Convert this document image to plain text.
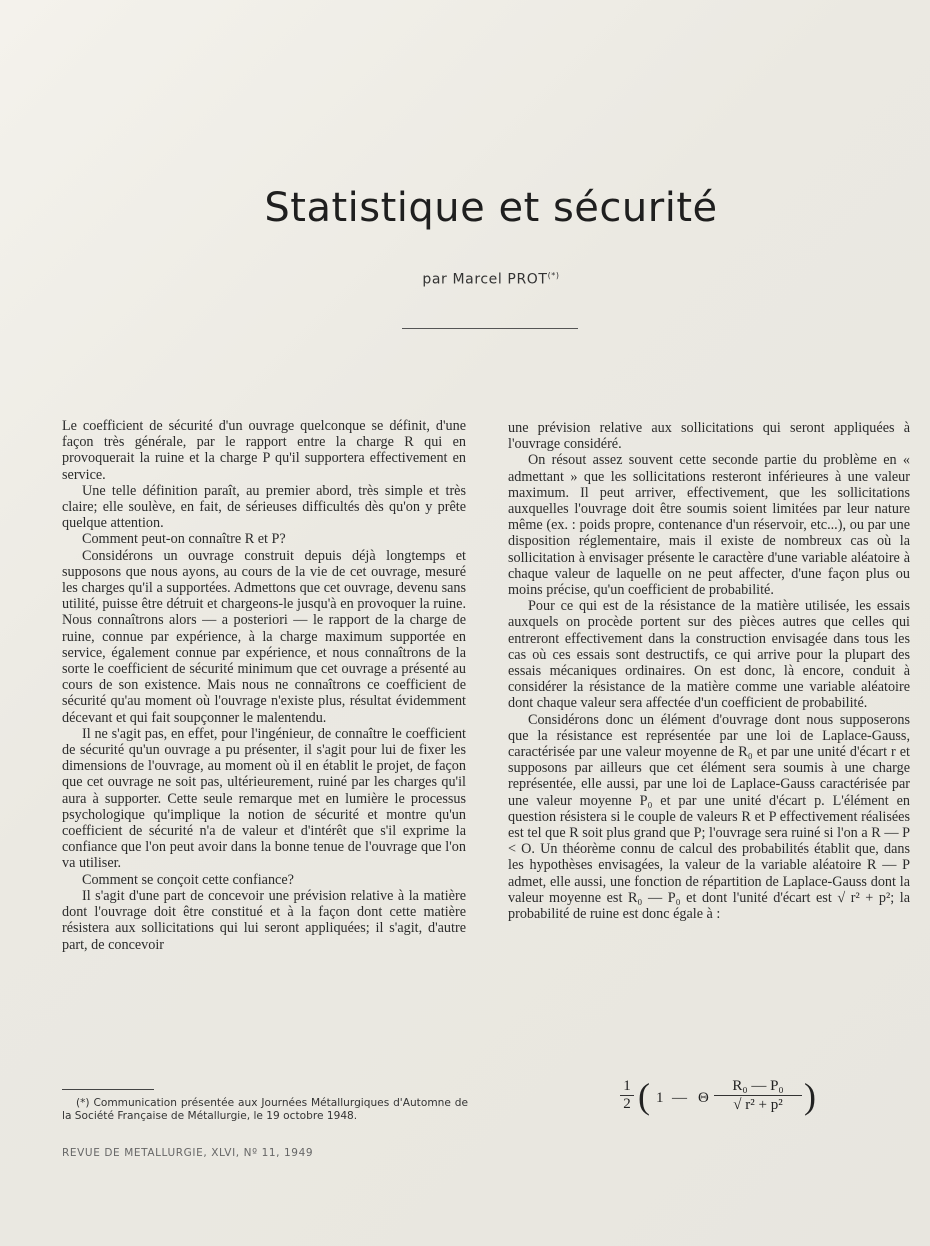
Statistique et sécurité
par Marcel PROT(*)

Le coefficient de sécurité d'un ouvrage quelconque se définit, d'une façon très générale, par le rapport entre la charge R qui en provoquerait la ruine et la charge P qu'il supportera effectivement en service.

Une telle définition paraît, au premier abord, très simple et très claire; elle soulève, en fait, de sérieuses difficultés dès qu'on y prête quelque attention.

Comment peut-on connaître R et P?

Considérons un ouvrage construit depuis déjà longtemps et supposons que nous ayons, au cours de la vie de cet ouvrage, mesuré les charges qu'il a supportées. Admettons que cet ouvrage, devenu sans utilité, puisse être détruit et chargeons-le jusqu'à en provoquer la ruine. Nous connaîtrons alors — a posteriori — le rapport de la charge de ruine, connue par expérience, à la charge maximum supportée en service, également connue par expérience, et nous connaîtrons de la sorte le coefficient de sécurité minimum que cet ouvrage a présenté au cours de son existence. Mais nous ne connaîtrons ce coefficient de sécurité qu'au moment où l'ouvrage n'existe plus, résultat évidemment décevant et qui fait soupçonner le malentendu.

Il ne s'agit pas, en effet, pour l'ingénieur, de connaître le coefficient de sécurité qu'un ouvrage a pu présenter, il s'agit pour lui de fixer les dimensions de l'ouvrage, au moment où il en établit le projet, de façon que cet ouvrage ne soit pas, ultérieurement, ruiné par les charges qu'il aura à supporter. Cette seule remarque met en lumière le processus psychologique qu'implique la notion de sécurité et montre qu'un coefficient de sécurité n'a de valeur et d'intérêt que s'il exprime la confiance que l'on peut avoir dans la bonne tenue de l'ouvrage que l'on va utiliser.

Comment se conçoit cette confiance?

Il s'agit d'une part de concevoir une prévision relative à la matière dont l'ouvrage doit être constitué et à la façon dont cette matière résistera aux sollicitations qui lui seront appliquées; il s'agit, d'autre part, de concevoir

une prévision relative aux sollicitations qui seront appliquées à l'ouvrage considéré.

On résout assez souvent cette seconde partie du problème en « admettant » que les sollicitations resteront inférieures à une valeur maximum. Il peut arriver, effectivement, que les sollicitations auxquelles l'ouvrage doit être soumis soient limitées par leur nature même (ex. : poids propre, contenance d'un réservoir, etc...), ou par une disposition réglementaire, mais il existe de nombreux cas où la sollicitation à envisager présente le caractère d'une variable aléatoire à chaque valeur de laquelle on ne peut affecter, d'une façon plus ou moins précise, qu'un coefficient de probabilité.

Pour ce qui est de la résistance de la matière utilisée, les essais auxquels on procède portent sur des pièces autres que celles qui entreront effectivement dans la construction envisagée dans tous les cas où ces essais sont destructifs, ce qui arrive pour la plupart des essais mécaniques ordinaires. On est donc, là encore, conduit à considérer la résistance de la matière comme une variable aléatoire dont chaque valeur sera affectée d'un coefficient de probabilité.

Considérons donc un élément d'ouvrage dont nous supposerons que la résistance est représentée par une loi de Laplace-Gauss, caractérisée par une valeur moyenne de R₀ et par une unité d'écart r et supposons par ailleurs que cet élément sera soumis à une charge représentée, elle aussi, par une loi de Laplace-Gauss caractérisée par une valeur moyenne P₀ et par une unité d'écart p. L'élément en question résistera si le couple de valeurs R et P effectivement réalisées est tel que R soit plus grand que P; l'ouvrage sera ruiné si l'on a R — P < O. Un théorème connu de calcul des probabilités établit que, dans les hypothèses envisagées, la valeur de la variable aléatoire R — P admet, elle aussi, une fonction de répartition de Laplace-Gauss dont la valeur moyenne est R₀ — P₀ et dont l'unité d'écart est √ r² + p²; la probabilité de ruine est donc égale à :

$\frac{1}{2}$ ( 1 — Θ $\frac{\text{R₀ — P₀}}{\text{√ r² + p²}}$ )
(*) Communication présentée aux Journées Métallurgiques d'Automne de la Société Française de Métallurgie, le 19 octobre 1948.
REVUE DE METALLURGIE, XLVI, Nº 11, 1949
